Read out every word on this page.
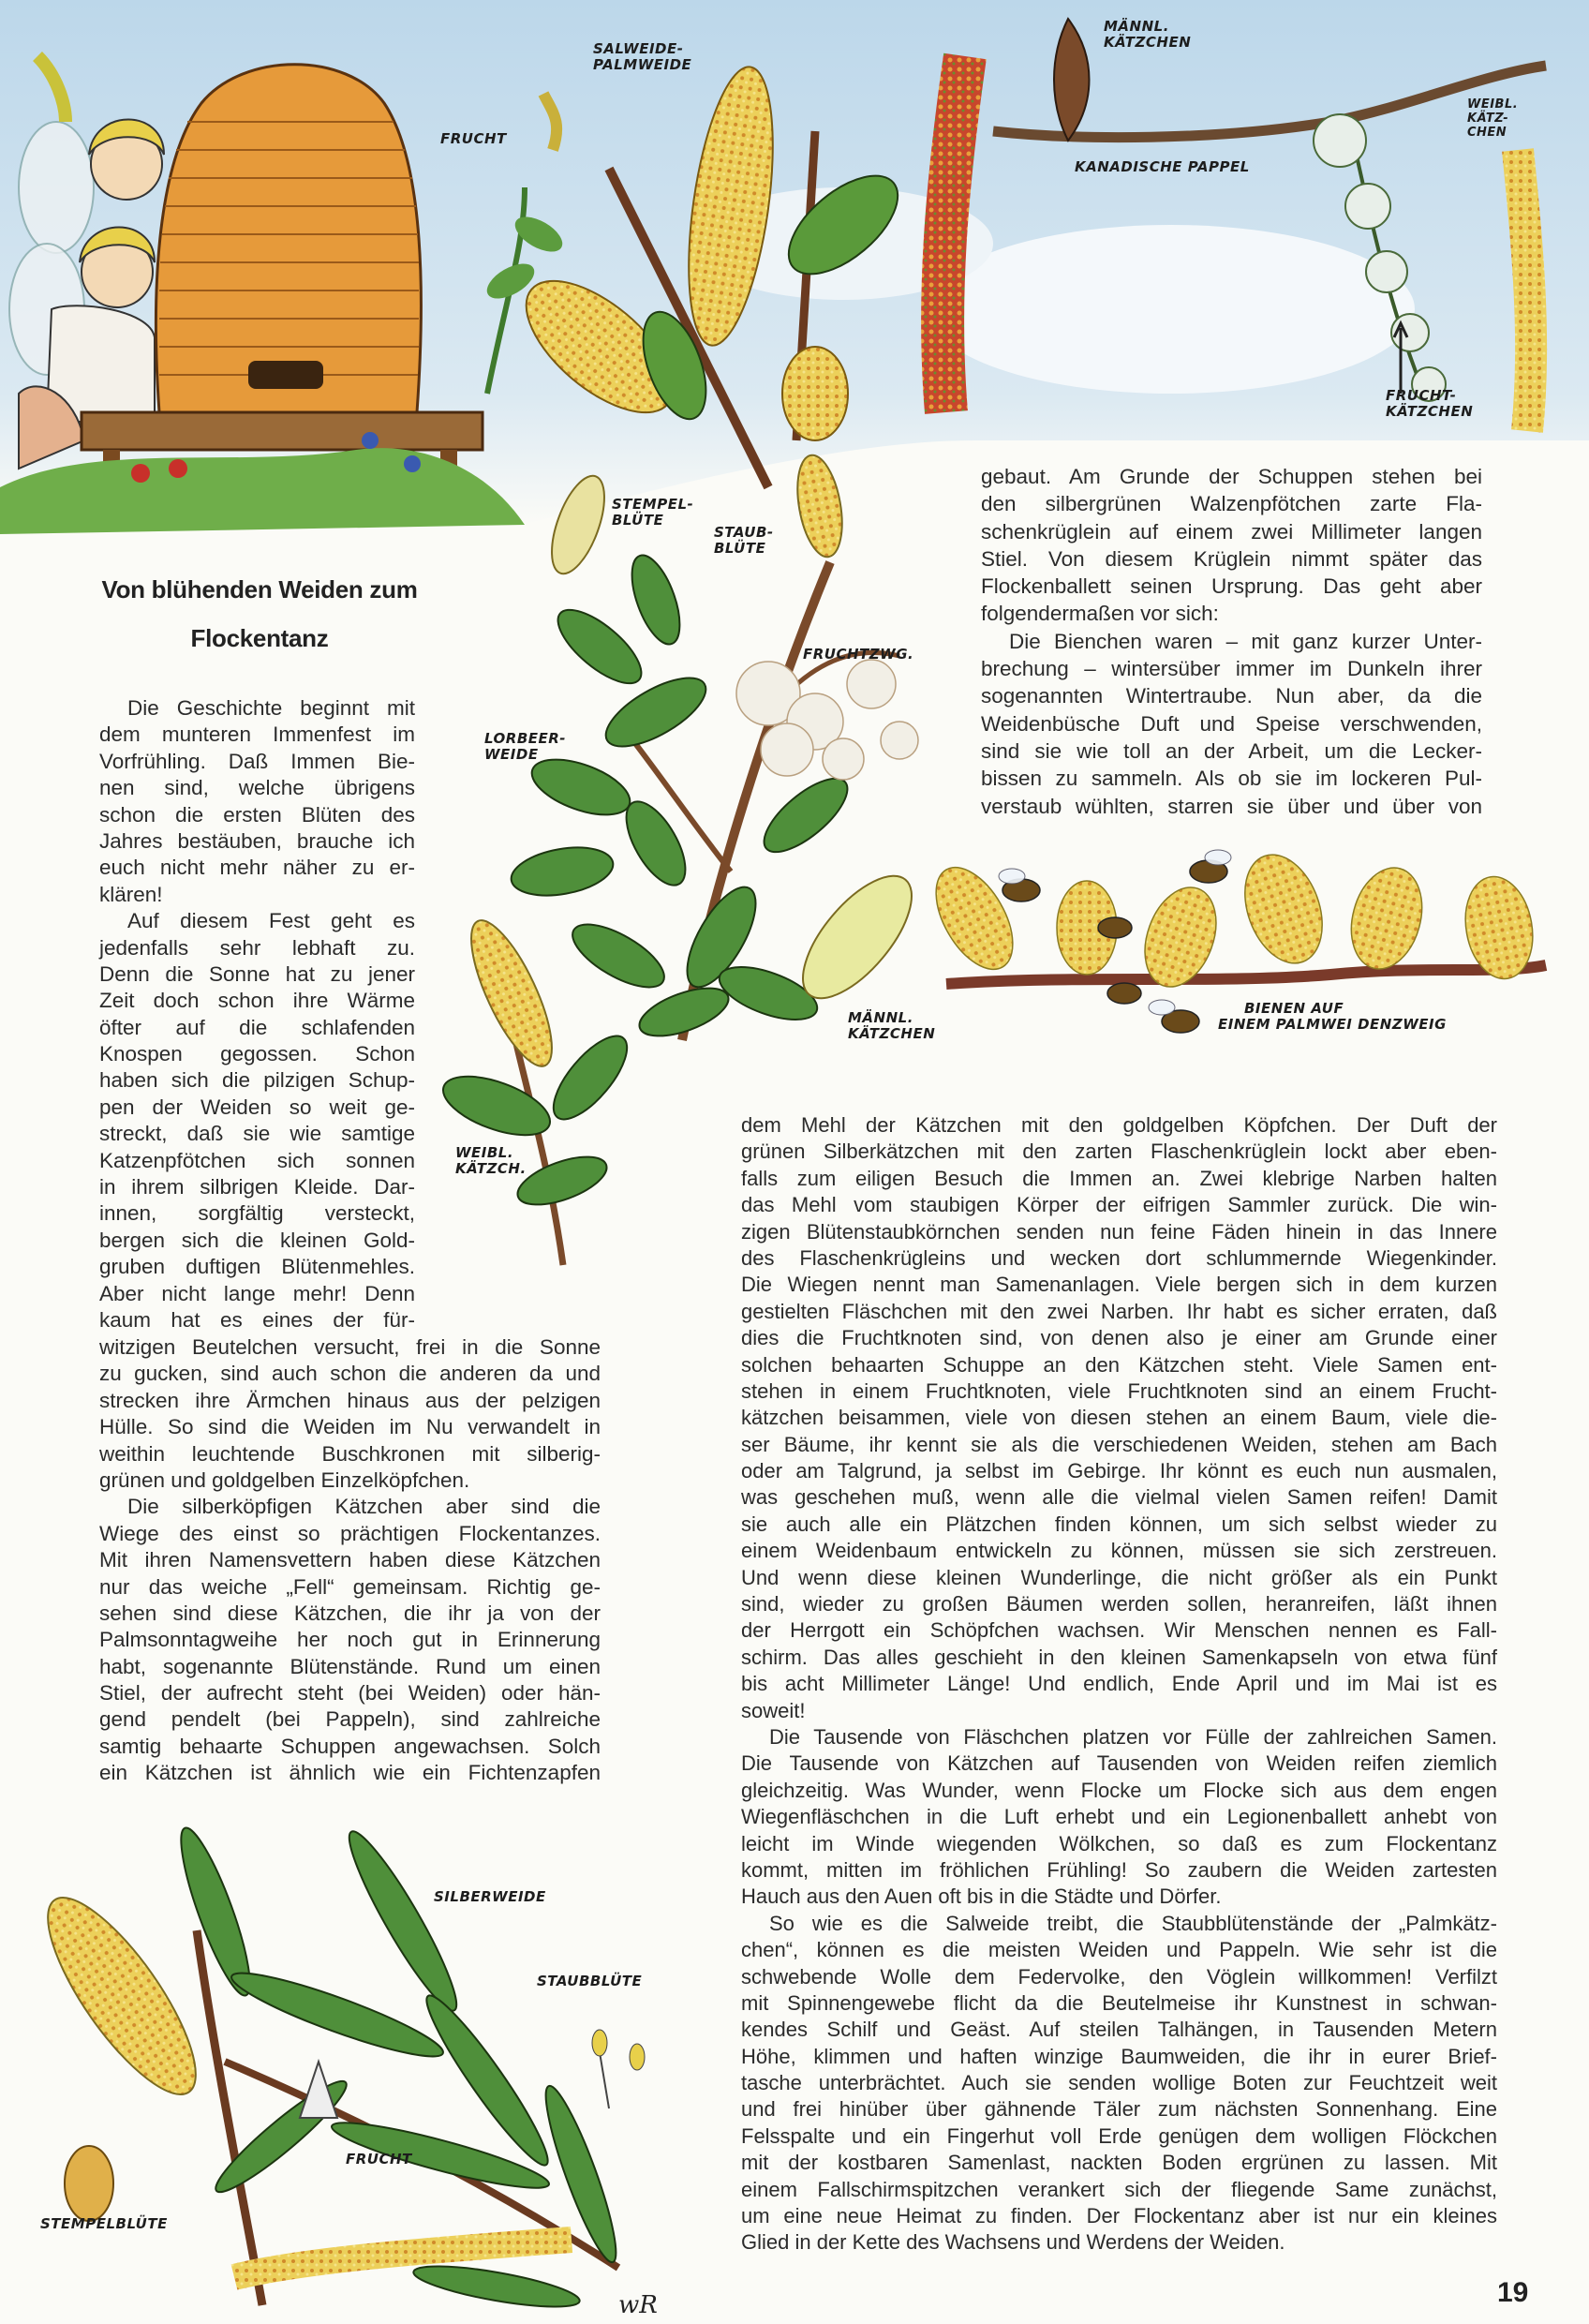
wR
SALWEIDE-
PALMWEIDE
FRUCHT
MÄNNL.
KÄTZCHEN
KANADISCHE PAPPEL
WEIBL.
KÄTZ-
CHEN
FRUCHT-
KÄTZCHEN
STEMPEL-
BLÜTE
STAUB-
BLÜTE
FRUCHTZWG.
LORBEER-
WEIDE
MÄNNL.
KÄTZCHEN
BIENEN AUF
EINEM PALMWEI DENZWEIG
WEIBL.
KÄTZCH.
SILBERWEIDE
STAUBBLÜTE
FRUCHT
STEMPELBLÜTE
Von blühenden Weiden zum
Flockentanz
Die Geschichte beginnt mit
dem munteren Immenfest im
Vorfrühling. Daß Immen Bie-
nen sind, welche übrigens
schon die ersten Blüten des
Jahres bestäuben, brauche ich
euch nicht mehr näher zu er-
klären!
Auf diesem Fest geht es
jedenfalls sehr lebhaft zu.
Denn die Sonne hat zu jener
Zeit doch schon ihre Wärme
öfter auf die schlafenden
Knospen gegossen. Schon
haben sich die pilzigen Schup-
pen der Weiden so weit ge-
streckt, daß sie wie samtige
Katzenpfötchen sich sonnen
in ihrem silbrigen Kleide. Dar-
innen, sorgfältig versteckt,
bergen sich die kleinen Gold-
gruben duftigen Blütenmehles.
Aber nicht lange mehr! Denn
kaum hat es eines der für-
witzigen Beutelchen versucht, frei in die Sonne
zu gucken, sind auch schon die anderen da und
strecken ihre Ärmchen hinaus aus der pelzigen
Hülle. So sind die Weiden im Nu verwandelt in
weithin leuchtende Buschkronen mit silberig-
grünen und goldgelben Einzelköpfchen.
Die silberköpfigen Kätzchen aber sind die
Wiege des einst so prächtigen Flockentanzes.
Mit ihren Namensvettern haben diese Kätzchen
nur das weiche „Fell“ gemeinsam. Richtig ge-
sehen sind diese Kätzchen, die ihr ja von der
Palmsonntagweihe her noch gut in Erinnerung
habt, sogenannte Blütenstände. Rund um einen
Stiel, der aufrecht steht (bei Weiden) oder hän-
gend pendelt (bei Pappeln), sind zahlreiche
samtig behaarte Schuppen angewachsen. Solch
ein Kätzchen ist ähnlich wie ein Fichtenzapfen
gebaut. Am Grunde der Schuppen stehen bei
den silbergrünen Walzenpfötchen zarte Fla-
schenkrüglein auf einem zwei Millimeter langen
Stiel. Von diesem Krüglein nimmt später das
Flockenballett seinen Ursprung. Das geht aber
folgendermaßen vor sich:
Die Bienchen waren – mit ganz kurzer Unter-
brechung – wintersüber immer im Dunkeln ihrer
sogenannten Wintertraube. Nun aber, da die
Weidenbüsche Duft und Speise verschwenden,
sind sie wie toll an der Arbeit, um die Lecker-
bissen zu sammeln. Als ob sie im lockeren Pul-
verstaub wühlten, starren sie über und über von
dem Mehl der Kätzchen mit den goldgelben Köpfchen. Der Duft der
grünen Silberkätzchen mit den zarten Flaschenkrüglein lockt aber eben-
falls zum eiligen Besuch die Immen an. Zwei klebrige Narben halten
das Mehl vom staubigen Körper der eifrigen Sammler zurück. Die win-
zigen Blütenstaubkörnchen senden nun feine Fäden hinein in das Innere
des Flaschenkrügleins und wecken dort schlummernde Wiegenkinder.
Die Wiegen nennt man Samenanlagen. Viele bergen sich in dem kurzen
gestielten Fläschchen mit den zwei Narben. Ihr habt es sicher erraten, daß
dies die Fruchtknoten sind, von denen also je einer am Grunde einer
solchen behaarten Schuppe an den Kätzchen steht. Viele Samen ent-
stehen in einem Fruchtknoten, viele Fruchtknoten sind an einem Frucht-
kätzchen beisammen, viele von diesen stehen an einem Baum, viele die-
ser Bäume, ihr kennt sie als die verschiedenen Weiden, stehen am Bach
oder am Talgrund, ja selbst im Gebirge. Ihr könnt es euch nun ausmalen,
was geschehen muß, wenn alle die vielmal vielen Samen reifen! Damit
sie auch alle ein Plätzchen finden können, um sich selbst wieder zu
einem Weidenbaum entwickeln zu können, müssen sie sich zerstreuen.
Und wenn diese kleinen Wunderlinge, die nicht größer als ein Punkt
sind, wieder zu großen Bäumen werden sollen, heranreifen, läßt ihnen
der Herrgott ein Schöpfchen wachsen. Wir Menschen nennen es Fall-
schirm. Das alles geschieht in den kleinen Samenkapseln von etwa fünf
bis acht Millimeter Länge! Und endlich, Ende April und im Mai ist es
soweit!
Die Tausende von Fläschchen platzen vor Fülle der zahlreichen Samen.
Die Tausende von Kätzchen auf Tausenden von Weiden reifen ziemlich
gleichzeitig. Was Wunder, wenn Flocke um Flocke sich aus dem engen
Wiegenfläschchen in die Luft erhebt und ein Legionenballett anhebt von
leicht im Winde wiegenden Wölkchen, so daß es zum Flockentanz
kommt, mitten im fröhlichen Frühling! So zaubern die Weiden zartesten
Hauch aus den Auen oft bis in die Städte und Dörfer.
So wie es die Salweide treibt, die Staubblütenstände der „Palmkätz-
chen“, können es die meisten Weiden und Pappeln. Wie sehr ist die
schwebende Wolle dem Federvolke, den Vöglein willkommen! Verfilzt
mit Spinnengewebe flicht da die Beutelmeise ihr Kunstnest in schwan-
kendes Schilf und Geäst. Auf steilen Talhängen, in Tausenden Metern
Höhe, klimmen und haften winzige Baumweiden, die ihr in eurer Brief-
tasche unterbrächtet. Auch sie senden wollige Boten zur Feuchtzeit weit
und frei hinüber über gähnende Täler zum nächsten Sonnenhang. Eine
Felsspalte und ein Fingerhut voll Erde genügen dem wolligen Flöckchen
mit der kostbaren Samenlast, nackten Boden ergrünen zu lassen. Mit
einem Fallschirmspitzchen verankert sich der fliegende Same zunächst,
um eine neue Heimat zu finden. Der Flockentanz aber ist nur ein kleines
Glied in der Kette des Wachsens und Werdens der Weiden.
19
